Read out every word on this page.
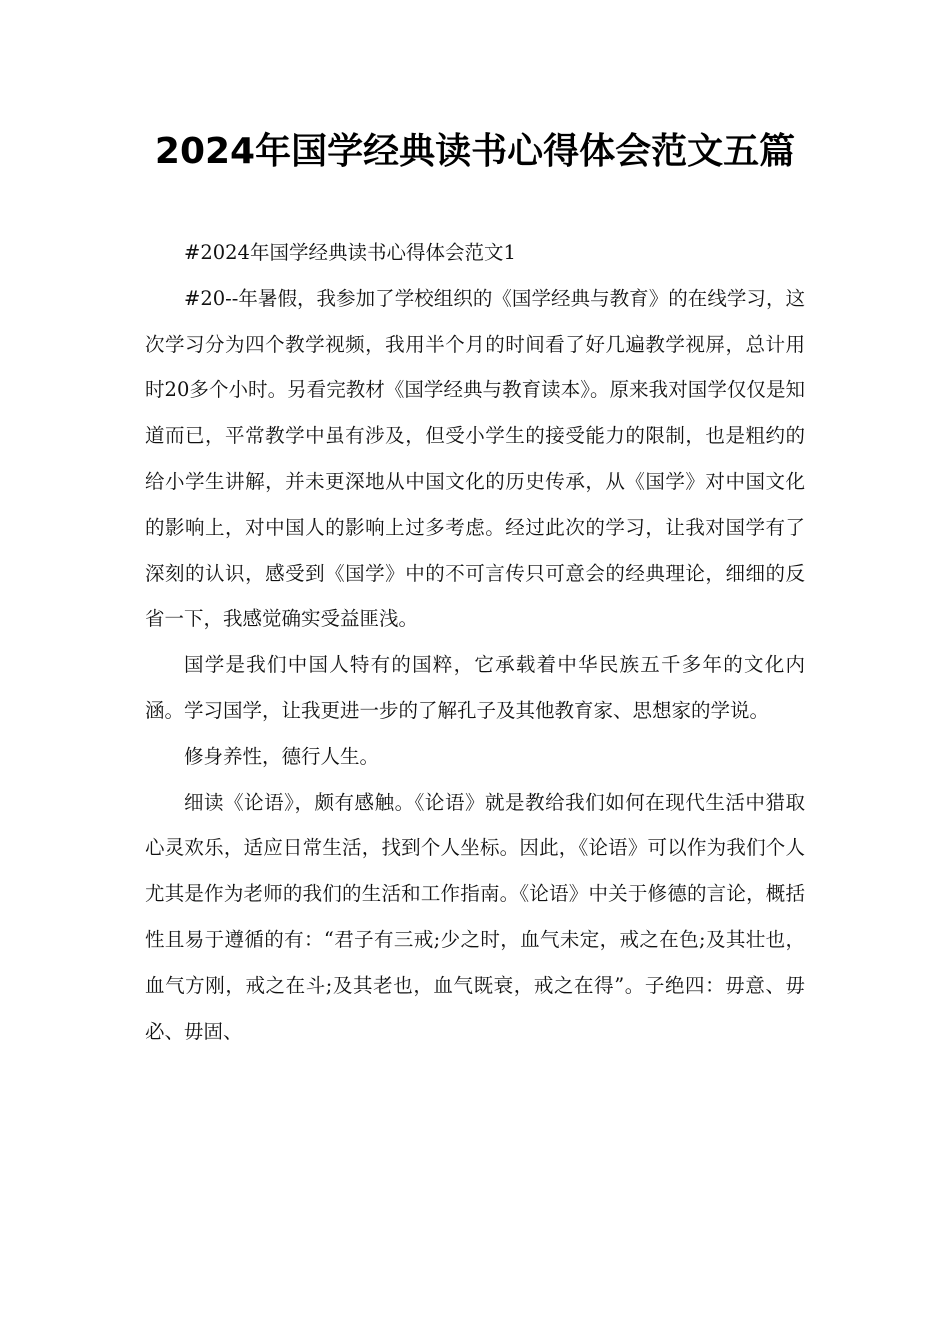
2024年国学经典读书心得体会范文五篇

#2024年国学经典读书心得体会范文1

#20--年暑假，我参加了学校组织的《国学经典与教育》的在线学习，这次学习分为四个教学视频，我用半个月的时间看了好几遍教学视屏，总计用时20多个小时。另看完教材《国学经典与教育读本》。原来我对国学仅仅是知道而已，平常教学中虽有涉及，但受小学生的接受能力的限制，也是粗约的给小学生讲解，并未更深地从中国文化的历史传承，从《国学》对中国文化的影响上，对中国人的影响上过多考虑。经过此次的学习，让我对国学有了深刻的认识，感受到《国学》中的不可言传只可意会的经典理论，细细的反省一下，我感觉确实受益匪浅。

国学是我们中国人特有的国粹，它承载着中华民族五千多年的文化内涵。学习国学，让我更进一步的了解孔子及其他教育家、思想家的学说。

修身养性，德行人生。

细读《论语》，颇有感触。《论语》就是教给我们如何在现代生活中猎取心灵欢乐，适应日常生活，找到个人坐标。因此，《论语》可以作为我们个人尤其是作为老师的我们的生活和工作指南。《论语》中关于修德的言论，概括性且易于遵循的有：“君子有三戒;少之时，血气未定，戒之在色;及其壮也，血气方刚，戒之在斗;及其老也，血气既衰，戒之在得”。子绝四：毋意、毋必、毋固、
